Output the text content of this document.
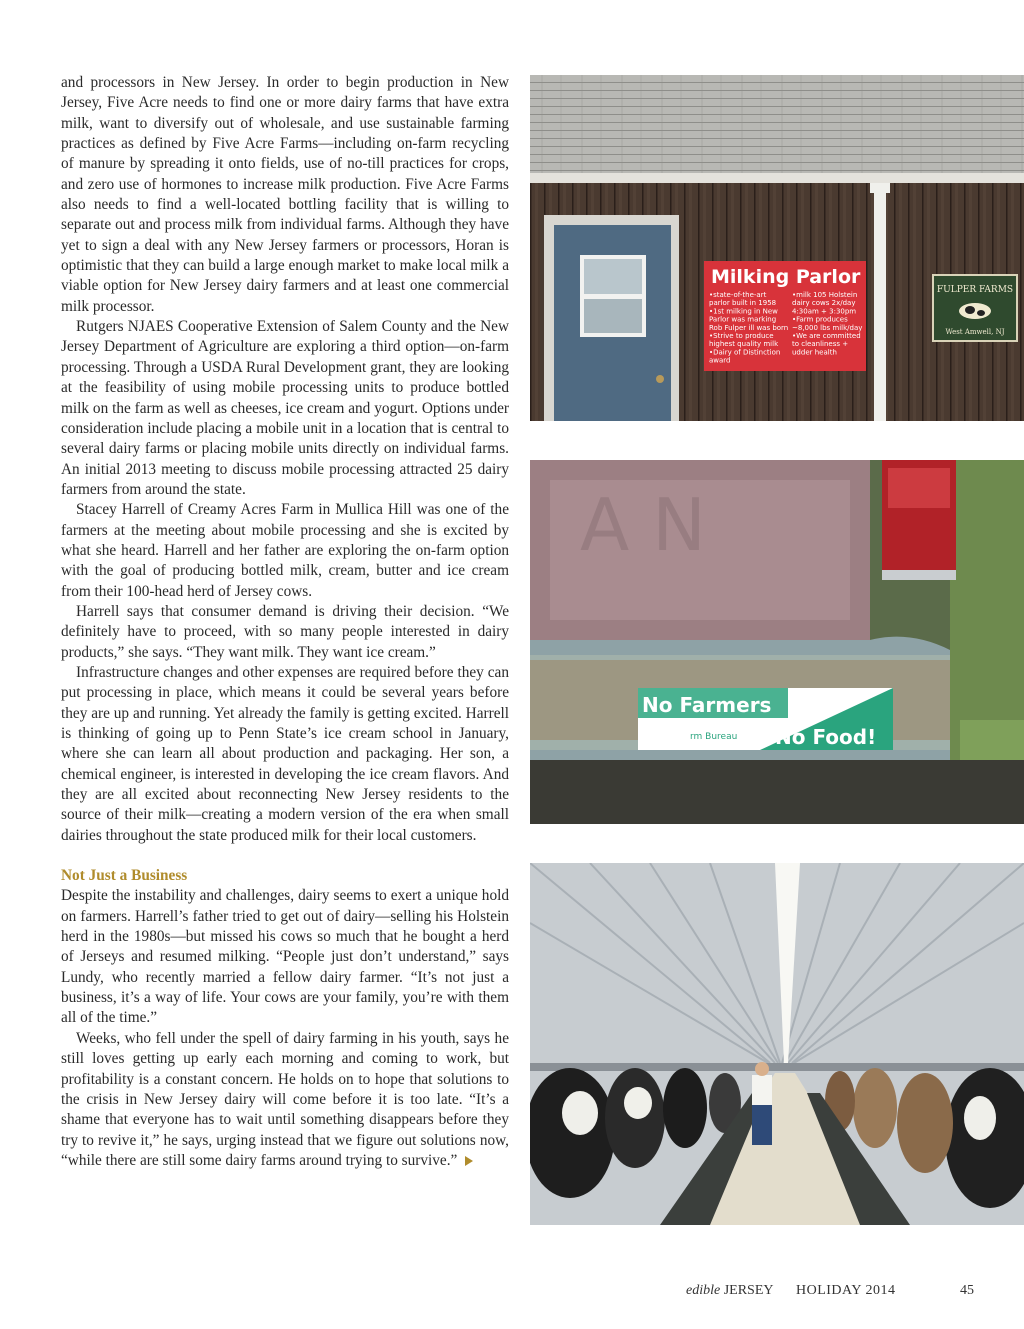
and processors in New Jersey. In order to begin production in New Jersey, Five Acre needs to find one or more dairy farms that have extra milk, want to diversify out of wholesale, and use sustainable farming practices as defined by Five Acre Farms—including on-farm recycling of manure by spreading it onto fields, use of no-till practices for crops, and zero use of hormones to increase milk production. Five Acre Farms also needs to find a well-located bottling facility that is willing to separate out and process milk from individual farms. Although they have yet to sign a deal with any New Jersey farmers or processors, Horan is optimistic that they can build a large enough market to make local milk a viable option for New Jersey dairy farmers and at least one commercial milk processor.

Rutgers NJAES Cooperative Extension of Salem County and the New Jersey Department of Agriculture are exploring a third option—on-farm processing. Through a USDA Rural Development grant, they are looking at the feasibility of using mobile processing units to produce bottled milk on the farm as well as cheeses, ice cream and yogurt. Options under consideration include placing a mobile unit in a location that is central to several dairy farms or placing mobile units directly on individual farms. An initial 2013 meeting to discuss mobile processing attracted 25 dairy farmers from around the state.

Stacey Harrell of Creamy Acres Farm in Mullica Hill was one of the farmers at the meeting about mobile processing and she is excited by what she heard. Harrell and her father are exploring the on-farm option with the goal of producing bottled milk, cream, butter and ice cream from their 100-head herd of Jersey cows.

Harrell says that consumer demand is driving their decision. “We definitely have to proceed, with so many people interested in dairy products,” she says. “They want milk. They want ice cream.”

Infrastructure changes and other expenses are required before they can put processing in place, which means it could be several years before they are up and running. Yet already the family is getting excited. Harrell is thinking of going up to Penn State’s ice cream school in January, where she can learn all about production and packaging. Her son, a chemical engineer, is interested in developing the ice cream flavors. And they are all excited about reconnecting New Jersey residents to the source of their milk—creating a modern version of the era when small dairies throughout the state produced milk for their local customers.

Not Just a Business

Despite the instability and challenges, dairy seems to exert a unique hold on farmers. Harrell’s father tried to get out of dairy—selling his Holstein herd in the 1980s—but missed his cows so much that he bought a herd of Jerseys and resumed milking. “People just don’t understand,” says Lundy, who recently married a fellow dairy farmer. “It’s not just a business, it’s a way of life. Your cows are your family, you’re with them all of the time.”

Weeks, who fell under the spell of dairy farming in his youth, says he still loves getting up early each morning and coming to work, but profitability is a constant concern. He holds on to hope that solutions to the crisis in New Jersey dairy will come before it is too late. “It’s a shame that everyone has to wait until something disappears before they try to revive it,” he says, urging instead that we figure out solutions now, “while there are still some dairy farms around trying to survive.”

Milking Parlor
•state-of-the-art
parlor built in 1958
•1st milking in New
Parlor was marking
Rob Fulper ill was born
•Strive to produce
highest quality milk
•Dairy of Distinction
award
•milk 105 Holstein
dairy cows 2x/day
4:30am + 3:30pm
•Farm produces
~8,000 lbs milk/day
•We are committed
to cleanliness +
udder health
FULPER FARMS
West Amwell, NJ
A N
No Farmers
No Food!
rm Bureau
edible JERSEY HOLIDAY 2014	45
